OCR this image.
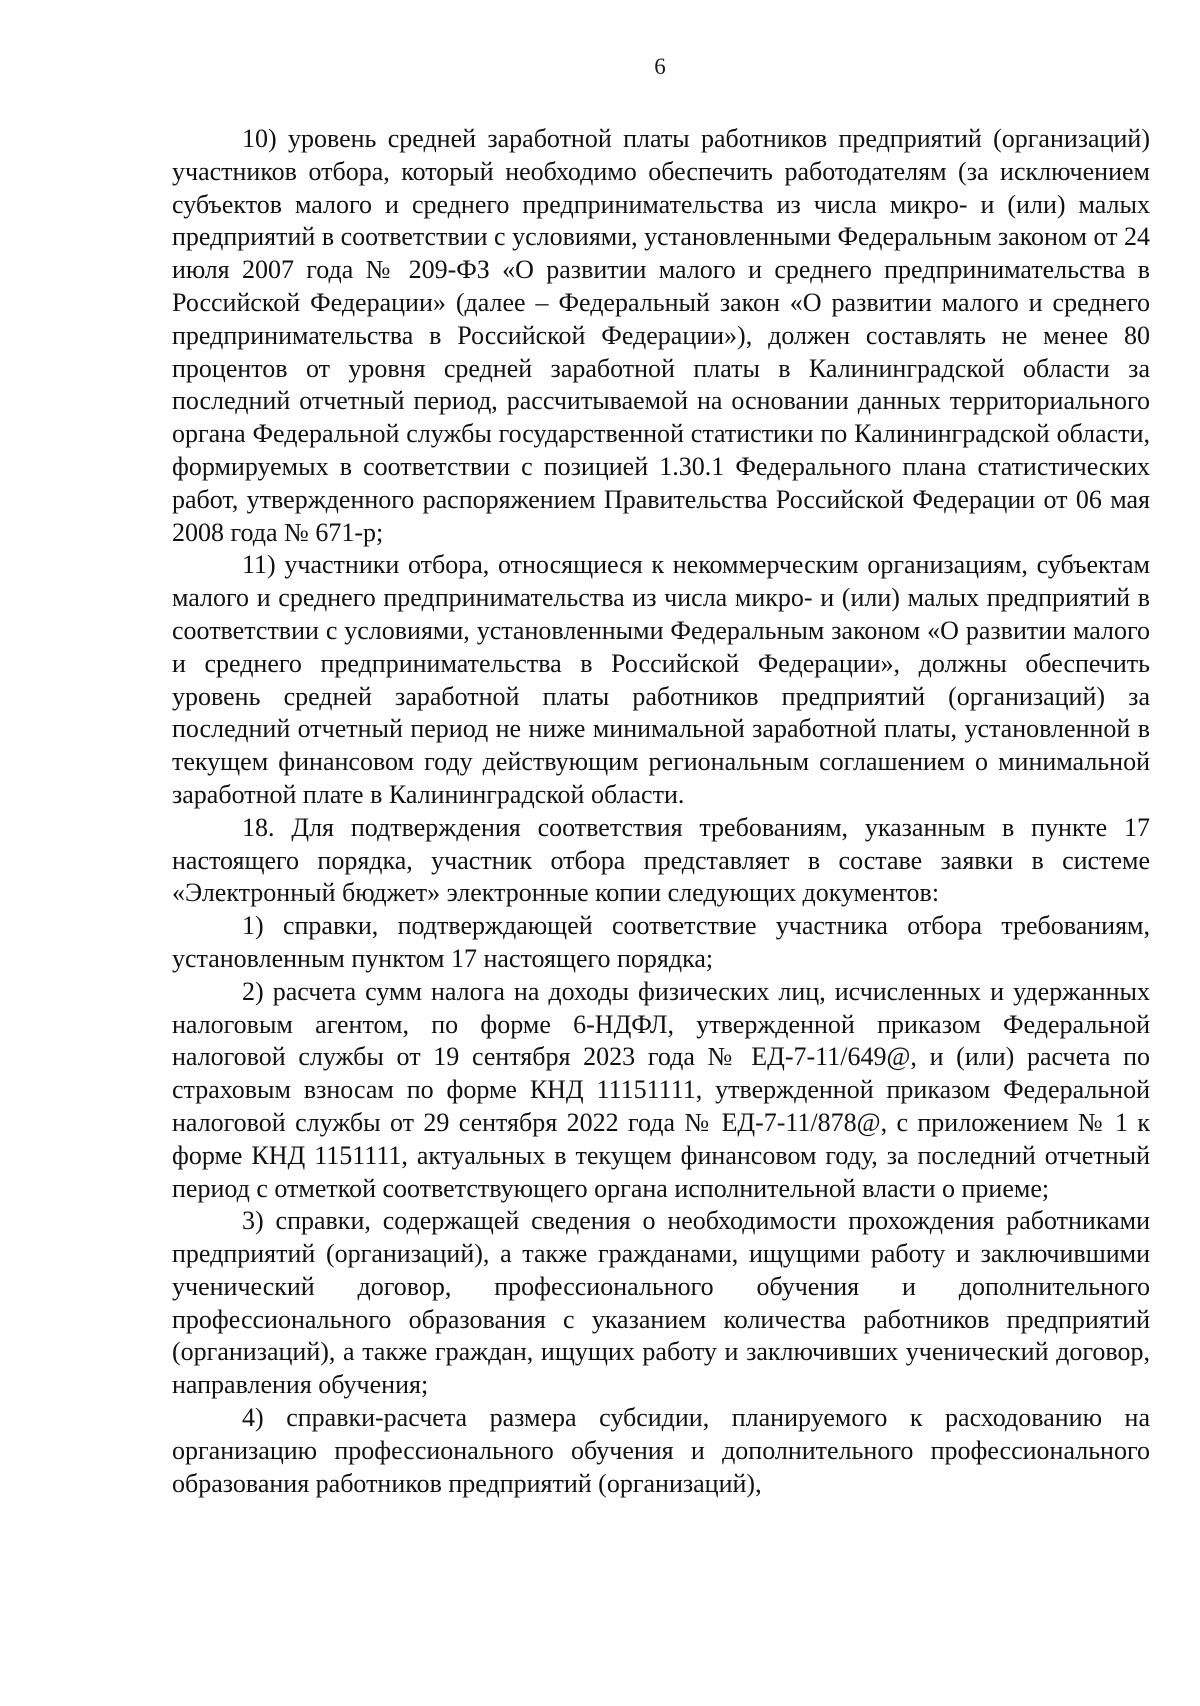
6

10) уровень средней заработной платы работников предприятий (организаций) участников отбора, который необходимо обеспечить работодателям (за исключением субъектов малого и среднего предпринимательства из числа микро- и (или) малых предприятий в соответствии с условиями, установленными Федеральным законом от 24 июля 2007 года № 209-ФЗ «О развитии малого и среднего предпринимательства в Российской Федерации» (далее – Федеральный закон «О развитии малого и среднего предпринимательства в Российской Федерации»), должен составлять не менее 80 процентов от уровня средней заработной платы в Калининградской области за последний отчетный период, рассчитываемой на основании данных территориального органа Федеральной службы государственной статистики по Калининградской области, формируемых в соответствии с позицией 1.30.1 Федерального плана статистических работ, утвержденного распоряжением Правительства Российской Федерации от 06 мая 2008 года № 671-р;

11) участники отбора, относящиеся к некоммерческим организациям, субъектам малого и среднего предпринимательства из числа микро- и (или) малых предприятий в соответствии с условиями, установленными Федеральным законом «О развитии малого и среднего предпринимательства в Российской Федерации», должны обеспечить уровень средней заработной платы работников предприятий (организаций) за последний отчетный период не ниже минимальной заработной платы, установленной в текущем финансовом году действующим региональным соглашением о минимальной заработной плате в Калининградской области.

18. Для подтверждения соответствия требованиям, указанным в пункте 17 настоящего порядка, участник отбора представляет в составе заявки в системе «Электронный бюджет» электронные копии следующих документов:

1) справки, подтверждающей соответствие участника отбора требованиям, установленным пунктом 17 настоящего порядка;

2) расчета сумм налога на доходы физических лиц, исчисленных и удержанных налоговым агентом, по форме 6-НДФЛ, утвержденной приказом Федеральной налоговой службы от 19 сентября 2023 года № ЕД-7-11/649@, и (или) расчета по страховым взносам по форме КНД 11151111, утвержденной приказом Федеральной налоговой службы от 29 сентября 2022 года № ЕД-7-11/878@, с приложением № 1 к форме КНД 1151111, актуальных в текущем финансовом году, за последний отчетный период с отметкой соответствующего органа исполнительной власти о приеме;

3) справки, содержащей сведения о необходимости прохождения работниками предприятий (организаций), а также гражданами, ищущими работу и заключившими ученический договор, профессионального обучения и дополнительного профессионального образования с указанием количества работников предприятий (организаций), а также граждан, ищущих работу и заключивших ученический договор, направления обучения;

4) справки-расчета размера субсидии, планируемого к расходованию на организацию профессионального обучения и дополнительного профессионального образования работников предприятий (организаций),
